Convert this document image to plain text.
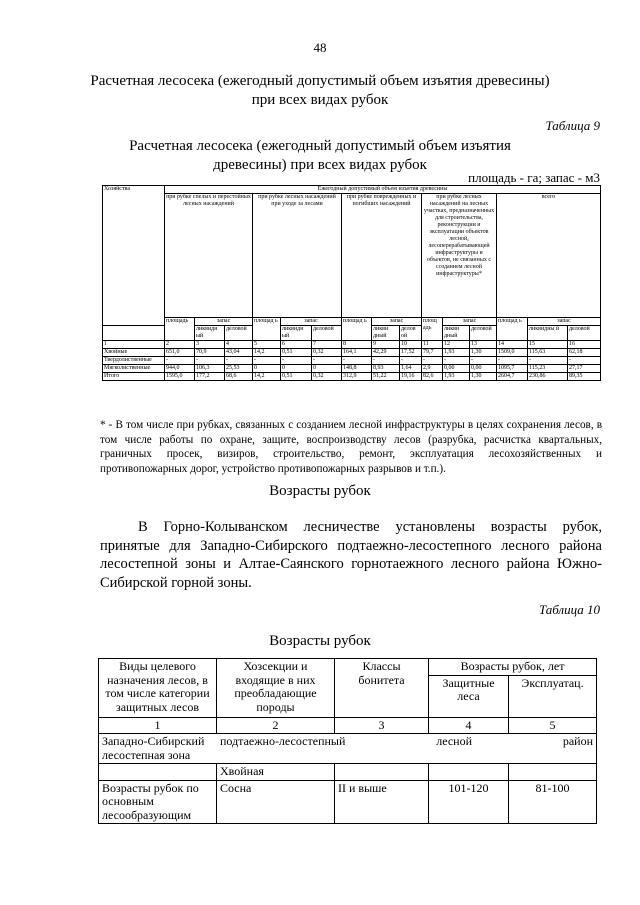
48
Расчетная лесосека (ежегодный допустимый объем изъятия древесины) при всех видах рубок
Таблица 9
Расчетная лесосека (ежегодный допустимый объем изъятия древесины) при всех видах рубок
площадь - га; запас - м3
Хозяйства	Ежегодный допустимый объем изъятия древесины														
	при рубке спелых и перестойных лесных насаждений			при рубке лесных насаждений при уходе за лесами			при рубке поврежденных и погибших насаждений			при рубке лесных насаждений на лесных участках, предназначенных для строительства, реконструкции и эксплуатации объектов лесной, лесоперерабатывающей инфраструктуры и объектов, не связанных с созданием лесной инфраструктуры*			всего		
	площадь	запас		площад ь	запас		площад ь	запас		площ адь	запас		площад ь	запас	
		ликвидн ый	деловой		ликвидн ый	деловой		ликви дный	делов ой		ликвн дный	деловой		ликвидны й	деловой
1	2	3	4	5	6	7	8	9	10	11	12	13	14	15	16
Хвойные	651,0	70,9	43,04	14,2	0,51	0,32	164,1	42,29	17,52	79,7	1,93	1,30	1509,0	115,63	62,18
Твердолиственные	-	-	-	-	-	-	-	-	-	-	-	-	-	-	-
Мягколиственные	944,0	106,3	25,53	0	0	0	148,8	8,93	1,64	2,9	0,00	0,00	1095,7	115,23	27,17
Итого	1595,0	177,2	68,6	14,2	0,51	0,32	312,9	51,22	19,16	82,6	1,93	1,30	2604,7	230,86	89,35
* - В том числе при рубках, связанных с созданием лесной инфраструктуры в целях сохранения лесов, в том числе работы по охране, защите, воспроизводству лесов (разрубка, расчистка квартальных, граничных просек, визиров, строительство, ремонт, эксплуатация лесохозяйственных и противопожарных дорог, устройство противопожарных разрывов и т.п.).
Возрасты рубок
В Горно-Колыванском лесничестве установлены возрасты рубок, принятые для Западно-Сибирского подтаежно-лесостепного лесного района лесостепной зоны и Алтае-Саянского горнотаежного лесного района Южно-Сибирской горной зоны.
Таблица 10
Возрасты рубок
Виды целевого назначения лесов, в том числе категории защитных лесов	Хозсекции и входящие в них преобладающие породы	Классы бонитета	Возрасты рубок, лет	
			Защитные леса	Эксплуатац.
1	2	3	4	5

Западно-Сибирский подтаежно-лесостепный лесной район
лесостепная зона				

	Хвойная			
Возрасты рубок по основным лесообразующим	Сосна	II и выше	101-120	81-100
